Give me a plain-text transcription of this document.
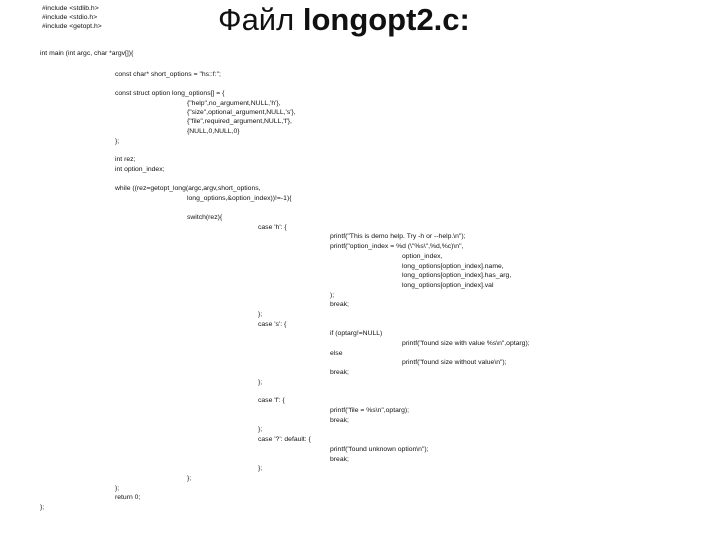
Файл longopt2.c:
#include <stdlib.h>
#include <stdio.h>
#include <getopt.h>
int main (int argc, char *argv[]){
const char* short_options = "hs::f:";
const struct option long_options[] = {
{"help",no_argument,NULL,'h'},
{"size",optional_argument,NULL,'s'},
{"file",required_argument,NULL,'f'},
{NULL,0,NULL,0}
};
int rez;
int option_index;
while ((rez=getopt_long(argc,argv,short_options,
long_options,&option_index))!=-1){
switch(rez){
case 'h': {
printf("This is demo help. Try -h or --help.\n");
printf("option_index = %d (\"%s\",%d,%c)\n",
option_index,
long_options[option_index].name,
long_options[option_index].has_arg,
long_options[option_index].val
);
break;
};
case 's': {
if (optarg!=NULL)
printf("found size with value %s\n",optarg);
else
printf("found size without value\n");
break;
};
case 'f': {
printf("file = %s\n",optarg);
break;
};
case '?': default: {
printf("found unknown option\n");
break;
};
};
};
return 0;
};
